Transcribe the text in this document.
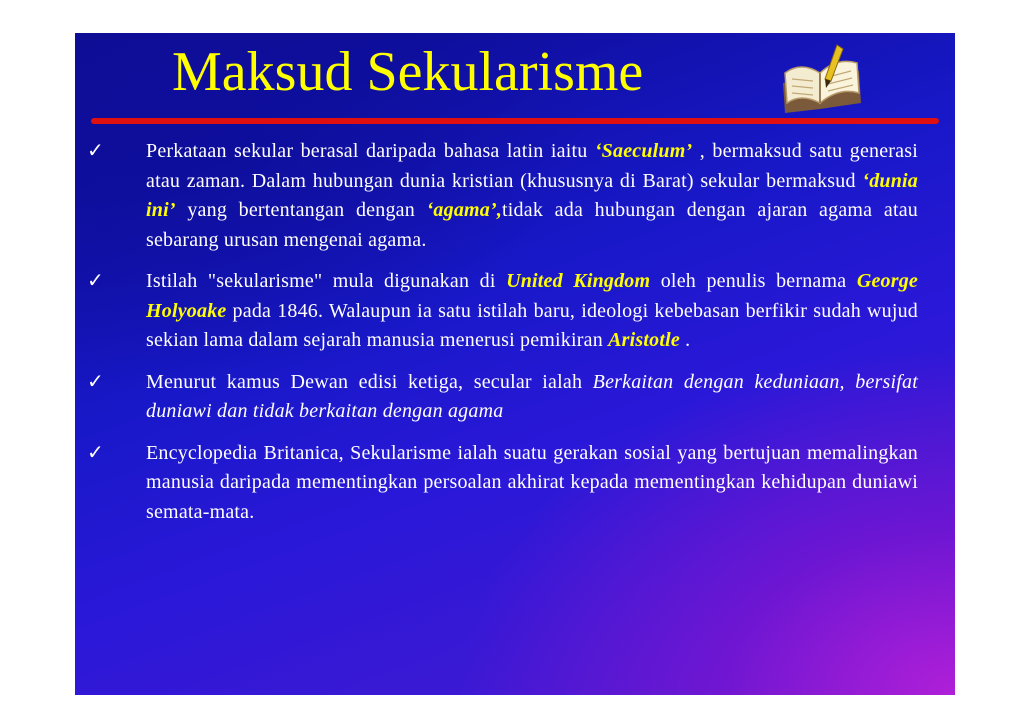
Maksud Sekularisme
✓ Perkataan sekular berasal daripada bahasa latin iaitu ‘Saeculum’ , bermaksud satu generasi atau zaman. Dalam hubungan dunia kristian (khususnya di Barat) sekular bermaksud ‘dunia ini’ yang bertentangan dengan ‘agama’,tidak ada hubungan dengan ajaran agama atau sebarang urusan mengenai agama.
✓ Istilah "sekularisme" mula digunakan di United Kingdom oleh penulis bernama George Holyoake pada 1846. Walaupun ia satu istilah baru, ideologi kebebasan berfikir sudah wujud sekian lama dalam sejarah manusia menerusi pemikiran Aristotle .
✓ Menurut kamus Dewan edisi ketiga, secular ialah Berkaitan dengan keduniaan, bersifat duniawi dan tidak berkaitan dengan agama
✓ Encyclopedia Britanica, Sekularisme ialah suatu gerakan sosial yang bertujuan memalingkan manusia daripada mementingkan persoalan akhirat kepada mementingkan kehidupan duniawi semata-mata.
